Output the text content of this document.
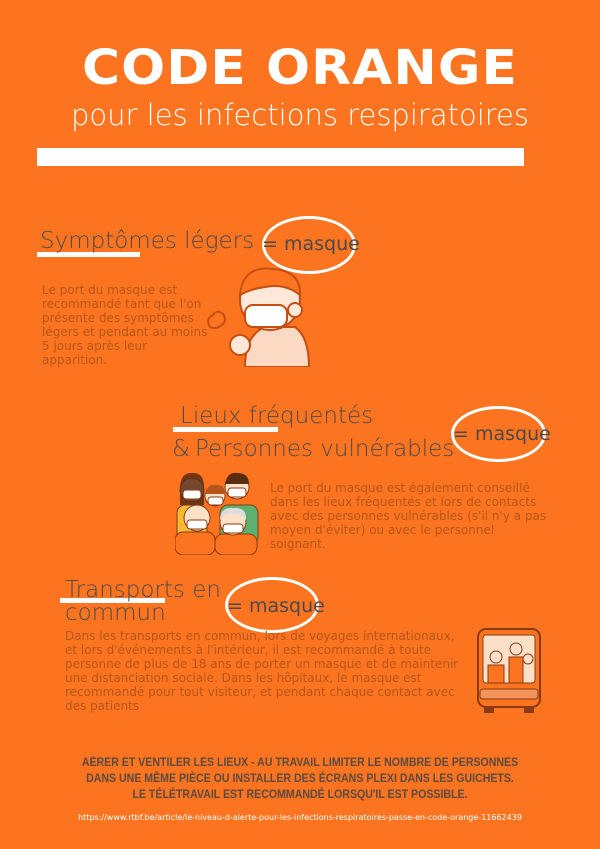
CODE ORANGE
pour les infections respiratoires
Symptômes légers = masque
Le port du masque est recommandé tant que l'on présente des symptômes légers et pendant au moins 5 jours après leur apparition.
Lieux fréquentés
& Personnes vulnérables
= masque
Le port du masque est également conseillé dans les lieux fréquentés et lors de contacts avec des personnes vulnérables (s'il n'y a pas moyen d'éviter) ou avec le personnel soignant.
Transports en
commun	= masque
Dans les transports en commun, lors de voyages internationaux, et lors d'événements à l'intérieur, il est recommandé à toute personne de plus de 18 ans de porter un masque et de maintenir une distanciation sociale. Dans les hôpitaux, le masque est recommandé pour tout visiteur, et pendant chaque contact avec des patients
AÉRER ET VENTILER LES LIEUX - AU TRAVAIL LIMITER LE NOMBRE DE PERSONNES DANS UNE MÊME PIÈCE OU INSTALLER DES ÉCRANS PLEXI DANS LES GUICHETS. LE TÉLÉTRAVAIL EST RECOMMANDÉ LORSQU'IL EST POSSIBLE.
https://www.rtbf.be/article/le-niveau-d-alerte-pour-les-infections-respiratoires-passe-en-code-orange-11662439
